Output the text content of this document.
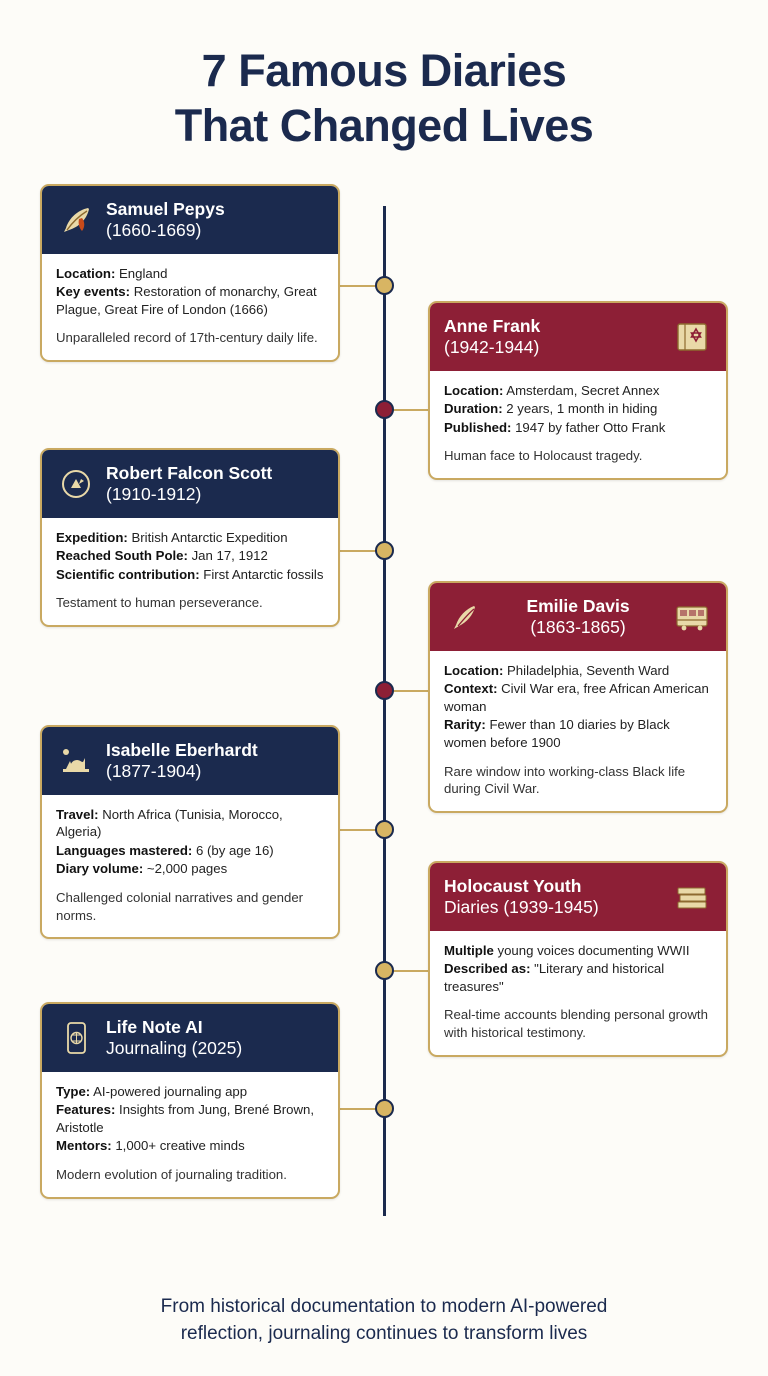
7 Famous Diaries
That Changed Lives
Samuel Pepys
(1660-1669)

Location: England

Key events: Restoration of monarchy, Great Plague, Great Fire of London (1666)

Unparalleled record of 17th-century daily life.
Anne Frank
(1942-1944)

Location: Amsterdam, Secret Annex

Duration: 2 years, 1 month in hiding

Published: 1947 by father Otto Frank

Human face to Holocaust tragedy.
Robert Falcon Scott
(1910-1912)

Expedition: British Antarctic Expedition

Reached South Pole: Jan 17, 1912

Scientific contribution: First Antarctic fossils

Testament to human perseverance.	Emilie Davis
(1863-1865)

Location: Philadelphia, Seventh Ward

Context: Civil War era, free African American woman

Rarity: Fewer than 10 diaries by Black women before 1900

Rare window into working-class Black life during Civil War.
Isabelle Eberhardt
(1877-1904)

Travel: North Africa (Tunisia, Morocco, Algeria)

Languages mastered: 6 (by age 16)

Diary volume: ~2,000 pages

Challenged colonial narratives and gender norms.
Holocaust Youth
Diaries (1939-1945)

Multiple young voices documenting WWII

Described as: "Literary and historical treasures"

Real-time accounts blending personal growth with historical testimony.
Life Note AI
Journaling (2025)

Type: AI-powered journaling app

Features: Insights from Jung, Brené Brown, Aristotle

Mentors: 1,000+ creative minds

Modern evolution of journaling tradition.
From historical documentation to modern AI-powered
reflection, journaling continues to transform lives
